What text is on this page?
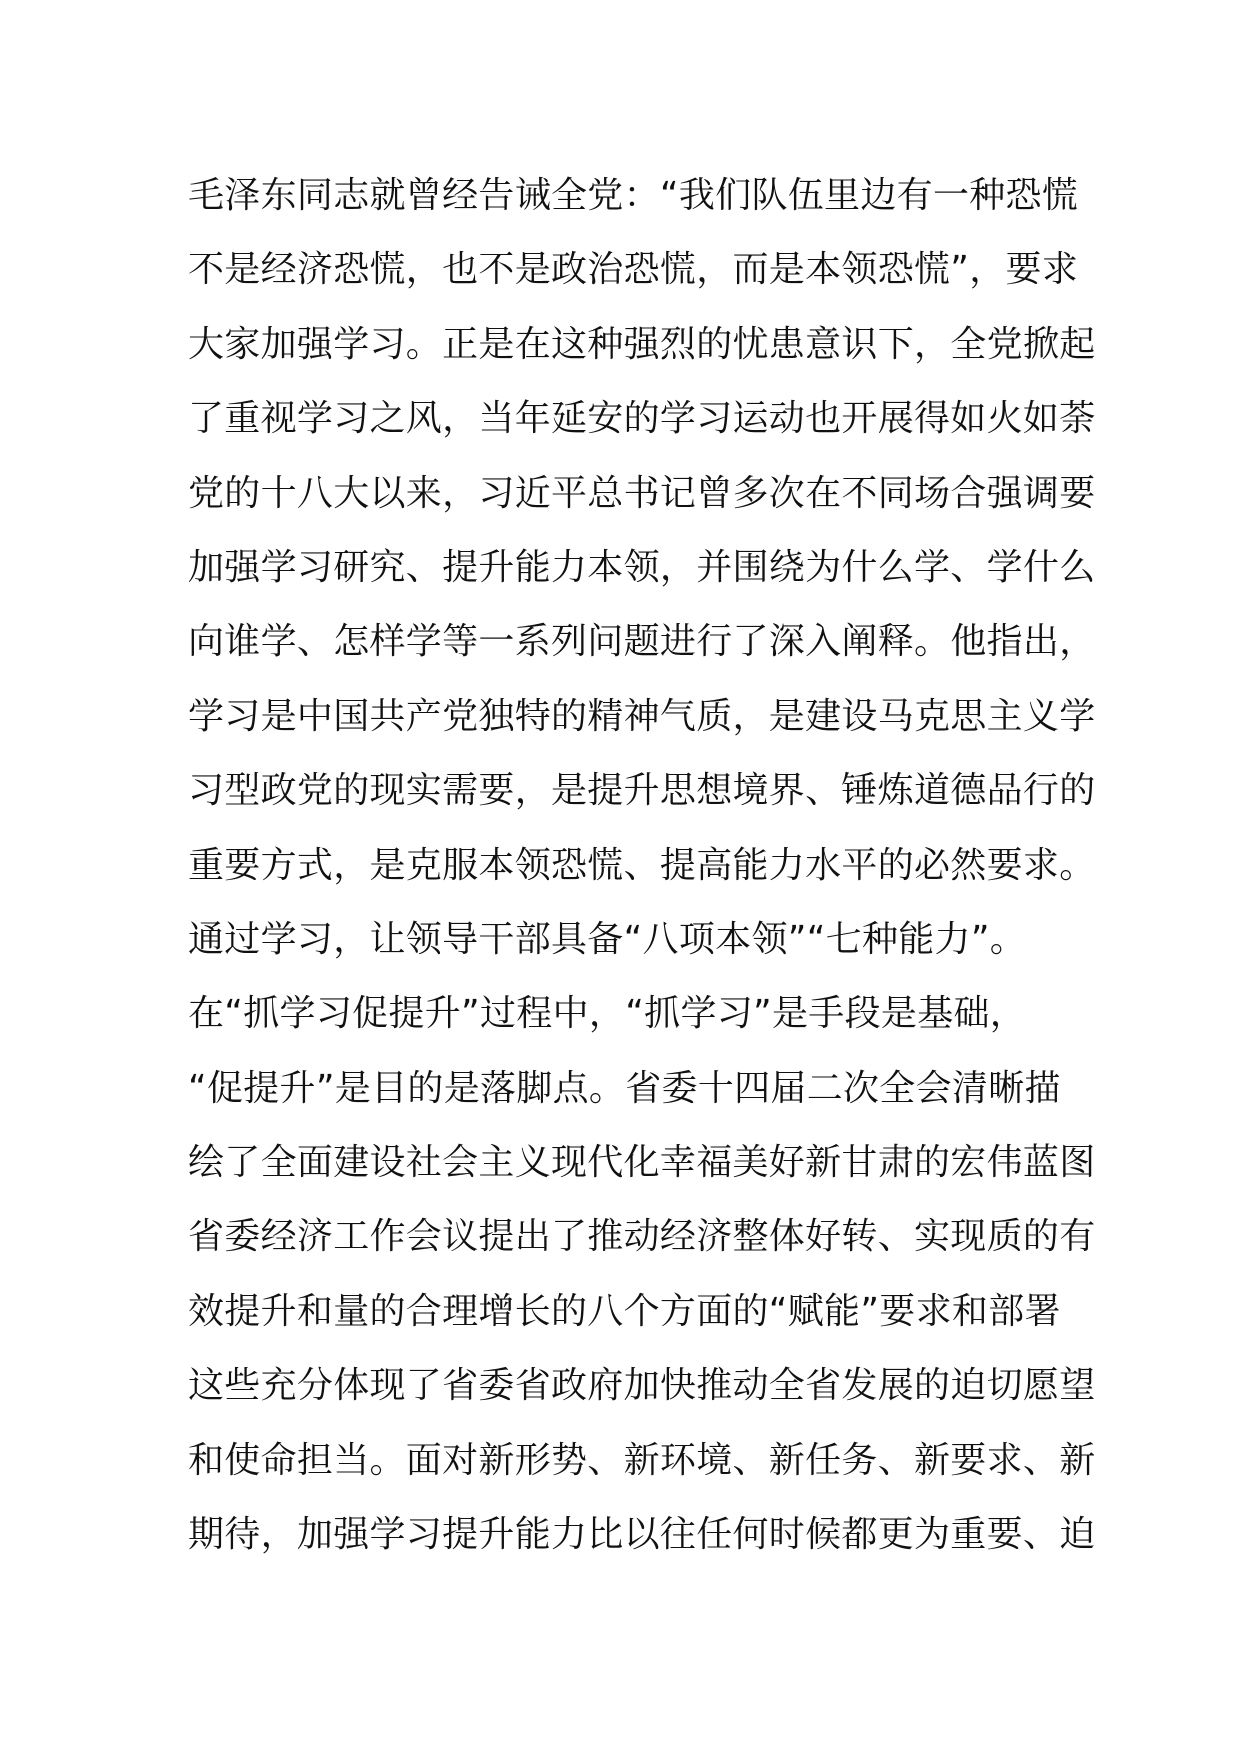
毛泽东同志就曾经告诫全党：“我们队伍里边有一种恐慌
不是经济恐慌，也不是政治恐慌，而是本领恐慌”，要求
大家加强学习。正是在这种强烈的忧患意识下，全党掀起
了重视学习之风，当年延安的学习运动也开展得如火如荼
党的十八大以来，习近平总书记曾多次在不同场合强调要
加强学习研究、提升能力本领，并围绕为什么学、学什么
向谁学、怎样学等一系列问题进行了深入阐释。他指出，
学习是中国共产党独特的精神气质，是建设马克思主义学
习型政党的现实需要，是提升思想境界、锤炼道德品行的
重要方式，是克服本领恐慌、提高能力水平的必然要求。
通过学习，让领导干部具备“八项本领”“七种能力”。
在“抓学习促提升”过程中，“抓学习”是手段是基础，
“促提升”是目的是落脚点。省委十四届二次全会清晰描
绘了全面建设社会主义现代化幸福美好新甘肃的宏伟蓝图
省委经济工作会议提出了推动经济整体好转、实现质的有
效提升和量的合理增长的八个方面的“赋能”要求和部署
这些充分体现了省委省政府加快推动全省发展的迫切愿望
和使命担当。面对新形势、新环境、新任务、新要求、新
期待，加强学习提升能力比以往任何时候都更为重要、迫
